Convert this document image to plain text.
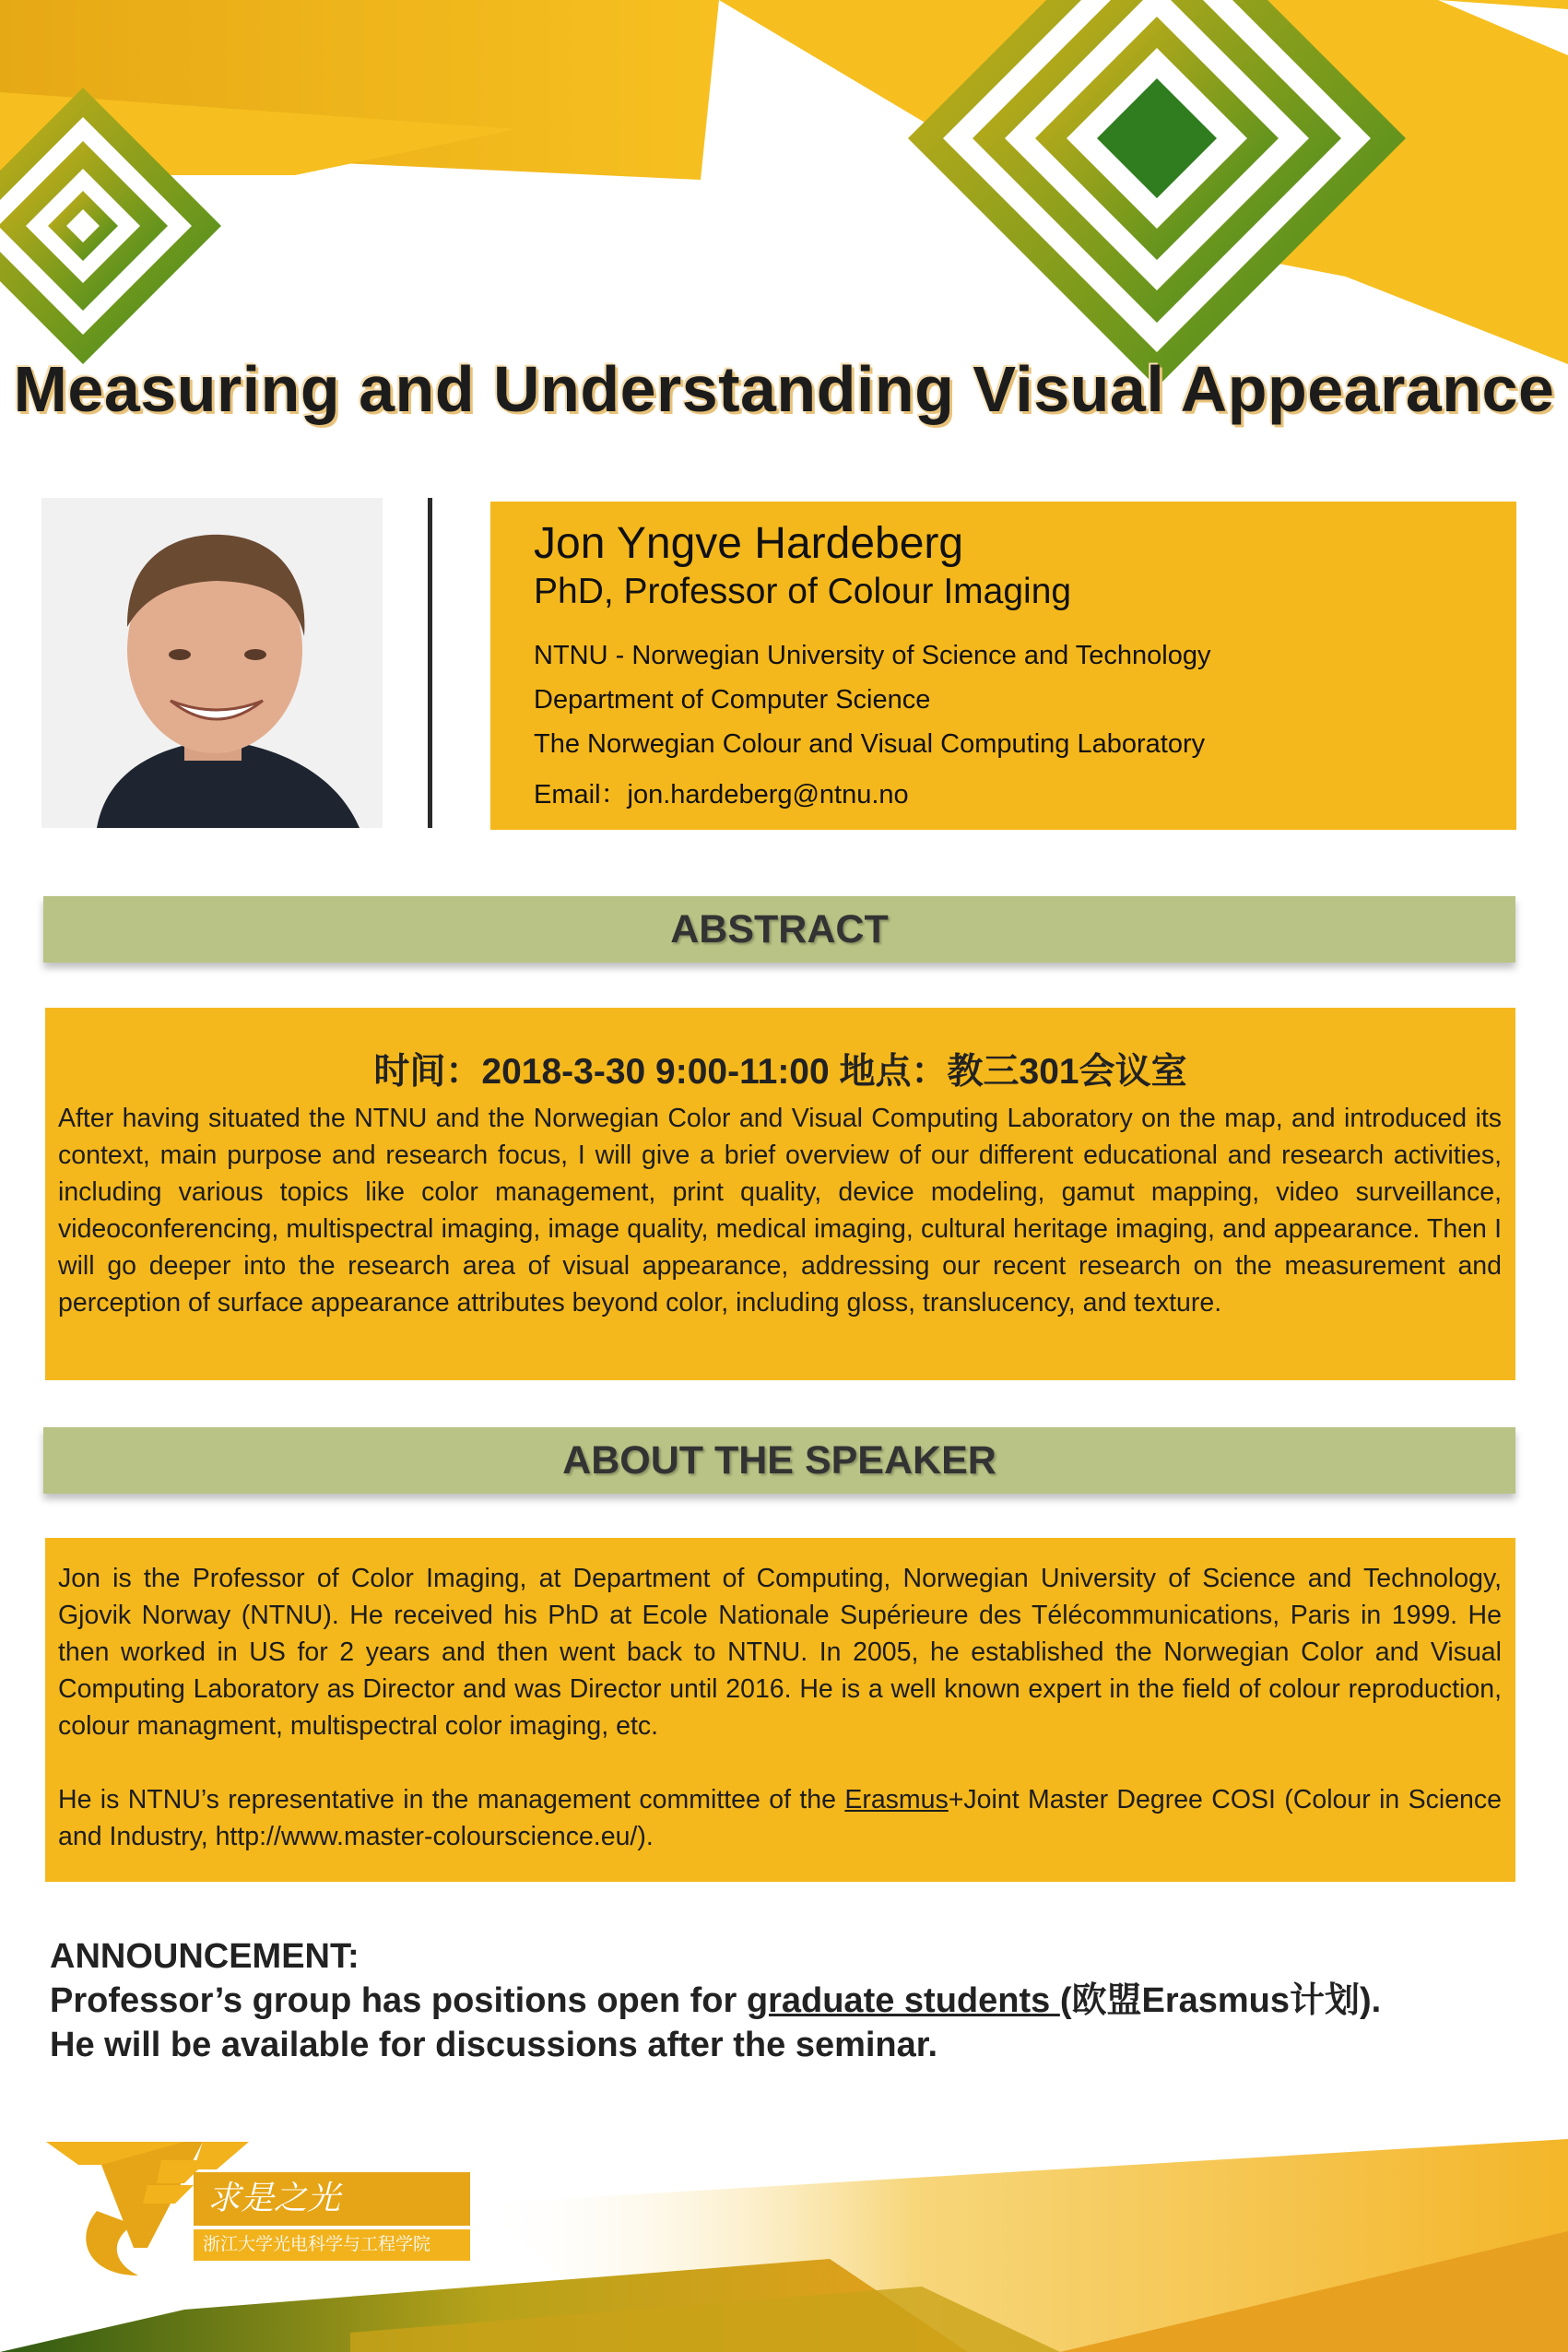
Measuring and Understanding Visual Appearance
Jon Yngve Hardeberg
PhD, Professor of Colour Imaging
NTNU - Norwegian University of Science and Technology
Department of Computer Science
The Norwegian Colour and Visual Computing Laboratory
Email：jon.hardeberg@ntnu.no
ABSTRACT
时间：2018-3-30 9:00-11:00 地点：教三301会议室

After having situated the NTNU and the Norwegian Color and Visual Computing Laboratory on the map, and introduced its context, main purpose and research focus, I will give a brief overview of our different educational and research activities, including various topics like color management, print quality, device modeling, gamut mapping, video surveillance, videoconferencing, multispectral imaging, image quality, medical imaging, cultural heritage imaging, and appearance. Then I will go deeper into the research area of visual appearance, addressing our recent research on the measurement and perception of surface appearance attributes beyond color, including gloss, translucency, and texture.

ABOUT THE SPEAKER

Jon is the Professor of Color Imaging, at Department of Computing, Norwegian University of Science and Technology, Gjovik Norway (NTNU). He received his PhD at Ecole Nationale Supérieure des Télécommunications, Paris in 1999. He then worked in US for 2 years and then went back to NTNU. In 2005, he established the Norwegian Color and Visual Computing Laboratory as Director and was Director until 2016. He is a well known expert in the field of colour reproduction, colour managment, multispectral color imaging, etc.

He is NTNU’s representative in the management committee of the Erasmus+Joint Master Degree COSI (Colour in Science and Industry, http://www.master-colourscience.eu/).

ANNOUNCEMENT:
Professor’s group has positions open for graduate students (欧盟Erasmus计划).
He will be available for discussions after the seminar.
求是之光
浙江大学光电科学与工程学院
College of Optical Science and Engineering, Zhejiang University
